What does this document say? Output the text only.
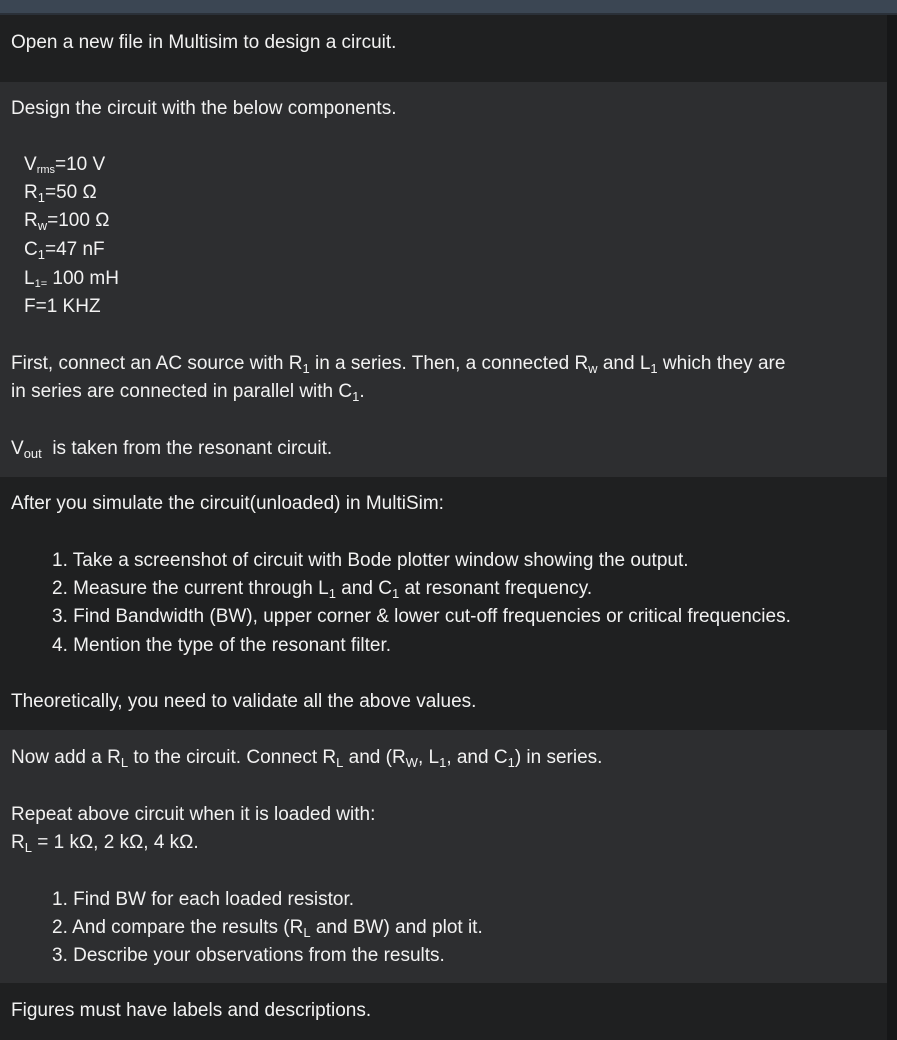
Open a new file in Multisim to design a circuit.
Design the circuit with the below components.
Vrms=10 V
$R_1=50$ Ω
$R_w=100$ Ω
$C_1=47$ nF
L1= 100 mH
F=1 KHZ
First, connect an AC source with $R_1$ in a series. Then, a connected $R_w$ and $L_1$ which they are
in series are connected in parallel with $C_1$.
$V_{out}$  is taken from the resonant circuit.
After you simulate the circuit(unloaded) in MultiSim:
1. Take a screenshot of circuit with Bode plotter window showing the output.
2. Measure the current through $L_1$ and $C_1$ at resonant frequency.
3. Find Bandwidth (BW), upper corner & lower cut-off frequencies or critical frequencies.
4. Mention the type of the resonant filter.
Theoretically, you need to validate all the above values.
Now add a $R_L$ to the circuit. Connect $R_L$ and ($R_W$, $L_1$, and $C_1$) in series.
Repeat above circuit when it is loaded with:
$R_L = 1$ kΩ, 2 kΩ, 4 kΩ.
1. Find BW for each loaded resistor.
2. And compare the results ($R_L$ and BW) and plot it.
3. Describe your observations from the results.
Figures must have labels and descriptions.
